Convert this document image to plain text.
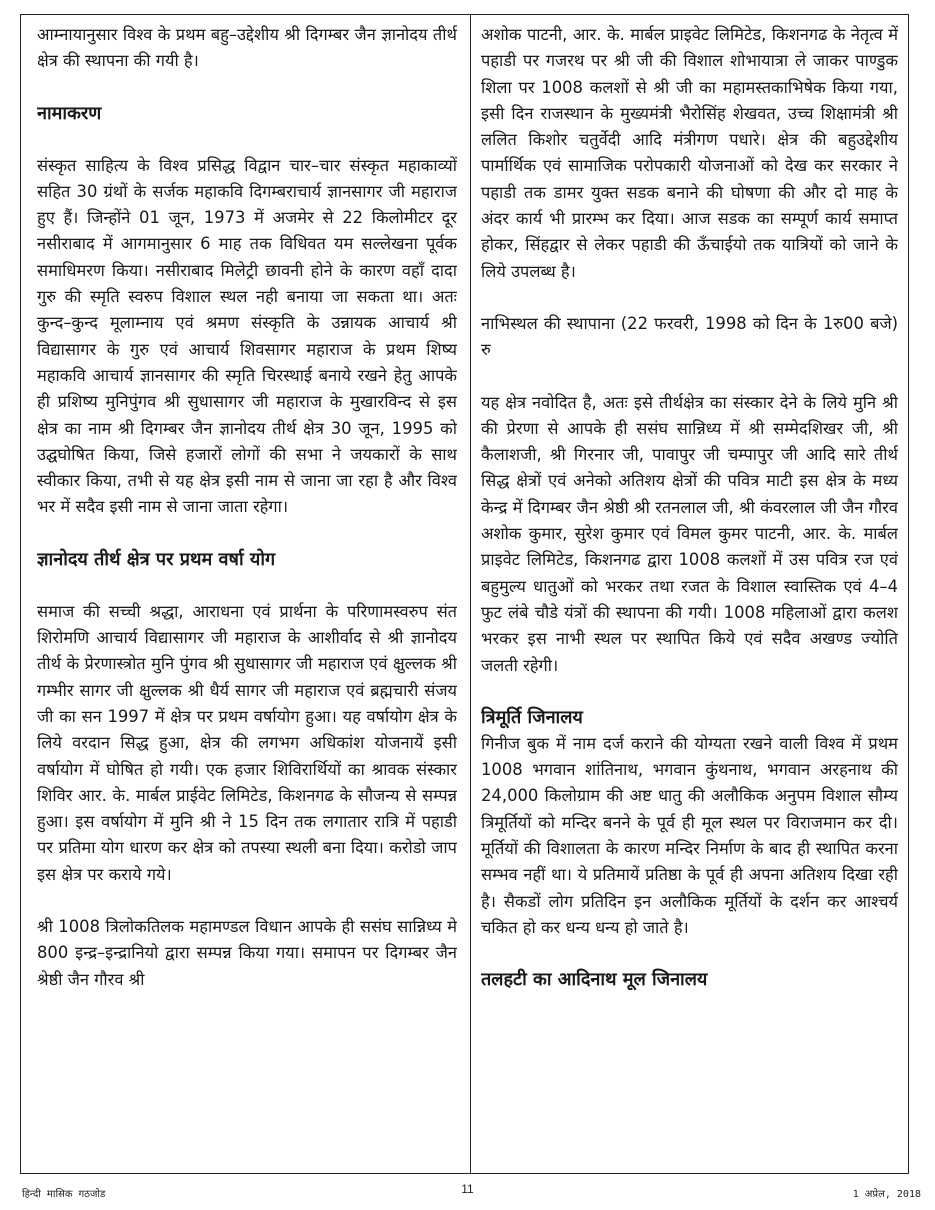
आम्नायानुसार विश्व के प्रथम बहु–उद्देशीय श्री दिगम्बर जैन ज्ञानोदय तीर्थ क्षेत्र की स्थापना की गयी है।

नामाकरण

संस्कृत साहित्य के विश्व प्रसिद्ध विद्वान चार–चार संस्कृत महाकाव्यों सहित 30 ग्रंथों के सर्जक महाकवि दिगम्बराचार्य ज्ञानसागर जी महाराज हुए हैं। जिन्होंने 01 जून, 1973 में अजमेर से 22 किलोमीटर दूर नसीराबाद में आगमानुसार 6 माह तक विधिवत यम सल्लेखना पूर्वक समाधिमरण किया। नसीराबाद मिलेट्री छावनी होने के कारण वहाँ दादा गुरु की स्मृति स्वरुप विशाल स्थल नही बनाया जा सकता था। अतः कुन्द–कुन्द मूलाम्नाय एवं श्रमण संस्कृति के उन्नायक आचार्य श्री विद्यासागर के गुरु एवं आचार्य शिवसागर महाराज के प्रथम शिष्य महाकवि आचार्य ज्ञानसागर की स्मृति चिरस्थाई बनाये रखने हेतु आपके ही प्रशिष्य मुनिपुंगव श्री सुधासागर जी महाराज के मुखारविन्द से इस क्षेत्र का नाम श्री दिगम्बर जैन ज्ञानोदय तीर्थ क्षेत्र 30 जून, 1995 को उद्घघोषित किया, जिसे हजारों लोगों की सभा ने जयकारों के साथ स्वीकार किया, तभी से यह क्षेत्र इसी नाम से जाना जा रहा है और विश्व भर में सदैव इसी नाम से जाना जाता रहेगा।

ज्ञानोदय तीर्थ क्षेत्र पर प्रथम वर्षा योग

समाज की सच्ची श्रद्धा, आराधना एवं प्रार्थना के परिणामस्वरुप संत शिरोमणि आचार्य विद्यासागर जी महाराज के आशीर्वाद से श्री ज्ञानोदय तीर्थ के प्रेरणास्त्रोत मुनि पुंगव श्री सुधासागर जी महाराज एवं क्षुल्लक श्री गम्भीर सागर जी क्षुल्लक श्री धैर्य सागर जी महाराज एवं ब्रह्मचारी संजय जी का सन 1997 में क्षेत्र पर प्रथम वर्षायोग हुआ। यह वर्षायोग क्षेत्र के लिये वरदान सिद्ध हुआ, क्षेत्र की लगभग अधिकांश योजनायें इसी वर्षायोग में घोषित हो गयी। एक हजार शिविरार्थियों का श्रावक संस्कार शिविर आर. के. मार्बल प्राईवेट लिमिटेड, किशनगढ के सौजन्य से सम्पन्न हुआ। इस वर्षायोग में मुनि श्री ने 15 दिन तक लगातार रात्रि में पहाडी पर प्रतिमा योग धारण कर क्षेत्र को तपस्या स्थली बना दिया। करोडो जाप इस क्षेत्र पर कराये गये।

श्री 1008 त्रिलोकतिलक महामण्डल विधान आपके ही ससंघ सान्निध्य मे 800 इन्द्र–इन्द्रानियो द्वारा सम्पन्न किया गया। समापन पर दिगम्बर जैन श्रेष्ठी जैन गौरव श्री

अशोक पाटनी, आर. के. मार्बल प्राइवेट लिमिटेड, किशनगढ के नेतृत्व में पहाडी पर गजरथ पर श्री जी की विशाल शोभायात्रा ले जाकर पाण्डुक शिला पर 1008 कलशों से श्री जी का महामस्तकाभिषेक किया गया, इसी दिन राजस्थान के मुख्यमंत्री भैरोसिंह शेखवत, उच्च शिक्षामंत्री श्री ललित किशोर चतुर्वेदी आदि मंत्रीगण पधारे। क्षेत्र की बहुउद्देशीय पार्मार्थिक एवं सामाजिक परोपकारी योजनाओं को देख कर सरकार ने पहाडी तक डामर युक्त सडक बनाने की घोषणा की और दो माह के अंदर कार्य भी प्रारम्भ कर दिया। आज सडक का सम्पूर्ण कार्य समाप्त होकर, सिंहद्वार से लेकर पहाडी की ऊँचाईयो तक यात्रियों को जाने के लिये उपलब्ध है।

नाभिस्थल की स्थापाना (22 फरवरी, 1998 को दिन के 1रु00 बजे) रु

यह क्षेत्र नवोदित है, अतः इसे तीर्थक्षेत्र का संस्कार देने के लिये मुनि श्री की प्रेरणा से आपके ही ससंघ सान्निध्य में श्री सम्मेदशिखर जी, श्री कैलाशजी, श्री गिरनार जी, पावापुर जी चम्पापुर जी आदि सारे तीर्थ सिद्ध क्षेत्रों एवं अनेको अतिशय क्षेत्रों की पवित्र माटी इस क्षेत्र के मध्य केन्द्र में दिगम्बर जैन श्रेष्ठी श्री रतनलाल जी, श्री कंवरलाल जी जैन गौरव अशोक कुमार, सुरेश कुमार एवं विमल कुमर पाटनी, आर. के. मार्बल प्राइवेट लिमिटेड, किशनगढ द्वारा 1008 कलशों में उस पवित्र रज एवं बहुमुल्य धातुओं को भरकर तथा रजत के विशाल स्वास्तिक एवं 4–4 फुट लंबे चौडे यंत्रों की स्थापना की गयी। 1008 महिलाओं द्वारा कलश भरकर इस नाभी स्थल पर स्थापित किये एवं सदैव अखण्ड ज्योति जलती रहेगी।

त्रिमूर्ति जिनालय

गिनीज बुक में नाम दर्ज कराने की योग्यता रखने वाली विश्व में प्रथम 1008 भगवान शांतिनाथ, भगवान कुंथनाथ, भगवान अरहनाथ की 24,000 किलोग्राम की अष्ट धातु की अलौकिक अनुपम विशाल सौम्य त्रिमूर्तियों को मन्दिर बनने के पूर्व ही मूल स्थल पर विराजमान कर दी। मूर्तियों की विशालता के कारण मन्दिर निर्माण के बाद ही स्थापित करना सम्भव नहीं था। ये प्रतिमायें प्रतिष्ठा के पूर्व ही अपना अतिशय दिखा रही है। सैकडों लोग प्रतिदिन इन अलौकिक मूर्तियों के दर्शन कर आश्चर्य चकित हो कर धन्य धन्य हो जाते है।

तलहटी का आदिनाथ मूल जिनालय
हिन्दी मासिक गठजोड	11	1 अप्रेल, 2018
